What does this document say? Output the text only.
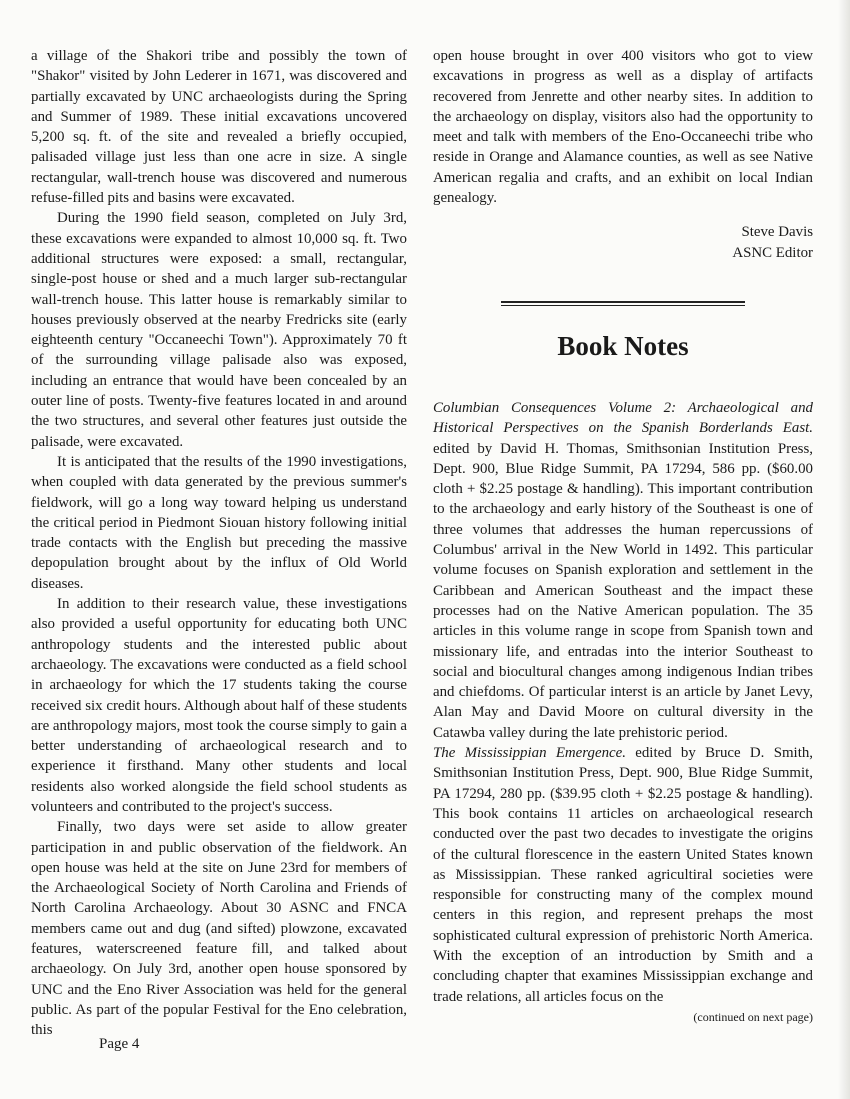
a village of the Shakori tribe and possibly the town of "Shakor" visited by John Lederer in 1671, was discovered and partially excavated by UNC archaeologists during the Spring and Summer of 1989. These initial excavations uncovered 5,200 sq. ft. of the site and revealed a briefly occupied, palisaded village just less than one acre in size. A single rectangular, wall-trench house was discovered and numerous refuse-filled pits and basins were excavated.

During the 1990 field season, completed on July 3rd, these excavations were expanded to almost 10,000 sq. ft. Two additional structures were exposed: a small, rectangular, single-post house or shed and a much larger sub-rectangular wall-trench house. This latter house is remarkably similar to houses previously observed at the nearby Fredricks site (early eighteenth century "Occaneechi Town"). Approximately 70 ft of the surrounding village palisade also was exposed, including an entrance that would have been concealed by an outer line of posts. Twenty-five features located in and around the two structures, and several other features just outside the palisade, were excavated.

It is anticipated that the results of the 1990 investigations, when coupled with data generated by the previous summer's fieldwork, will go a long way toward helping us understand the critical period in Piedmont Siouan history following initial trade contacts with the English but preceding the massive depopulation brought about by the influx of Old World diseases.

In addition to their research value, these investigations also provided a useful opportunity for educating both UNC anthropology students and the interested public about archaeology. The excavations were conducted as a field school in archaeology for which the 17 students taking the course received six credit hours. Although about half of these students are anthropology majors, most took the course simply to gain a better understanding of archaeological research and to experience it firsthand. Many other students and local residents also worked alongside the field school students as volunteers and contributed to the project's success.

Finally, two days were set aside to allow greater participation in and public observation of the fieldwork. An open house was held at the site on June 23rd for members of the Archaeological Society of North Carolina and Friends of North Carolina Archaeology. About 30 ASNC and FNCA members came out and dug (and sifted) plowzone, excavated features, waterscreened feature fill, and talked about archaeology. On July 3rd, another open house sponsored by UNC and the Eno River Association was held for the general public. As part of the popular Festival for the Eno celebration, this

open house brought in over 400 visitors who got to view excavations in progress as well as a display of artifacts recovered from Jenrette and other nearby sites. In addition to the archaeology on display, visitors also had the opportunity to meet and talk with members of the Eno-Occaneechi tribe who reside in Orange and Alamance counties, as well as see Native American regalia and crafts, and an exhibit on local Indian genealogy.

Steve Davis
ASNC Editor
Book Notes

Columbian Consequences Volume 2: Archaeological and Historical Perspectives on the Spanish Borderlands East. edited by David H. Thomas, Smithsonian Institution Press, Dept. 900, Blue Ridge Summit, PA 17294, 586 pp. ($60.00 cloth + $2.25 postage & handling). This important contribution to the archaeology and early history of the Southeast is one of three volumes that addresses the human repercussions of Columbus' arrival in the New World in 1492. This particular volume focuses on Spanish exploration and settlement in the Caribbean and American Southeast and the impact these processes had on the Native American population. The 35 articles in this volume range in scope from Spanish town and missionary life, and entradas into the interior Southeast to social and biocultural changes among indigenous Indian tribes and chiefdoms. Of particular interst is an article by Janet Levy, Alan May and David Moore on cultural diversity in the Catawba valley during the late prehistoric period.

The Mississippian Emergence. edited by Bruce D. Smith, Smithsonian Institution Press, Dept. 900, Blue Ridge Summit, PA 17294, 280 pp. ($39.95 cloth + $2.25 postage & handling). This book contains 11 articles on archaeological research conducted over the past two decades to investigate the origins of the cultural florescence in the eastern United States known as Mississippian. These ranked agricultiral societies were responsible for constructing many of the complex mound centers in this region, and represent prehaps the most sophisticated cultural expression of prehistoric North America. With the exception of an introduction by Smith and a concluding chapter that examines Mississippian exchange and trade relations, all articles focus on the

(continued on next page)
Page 4
